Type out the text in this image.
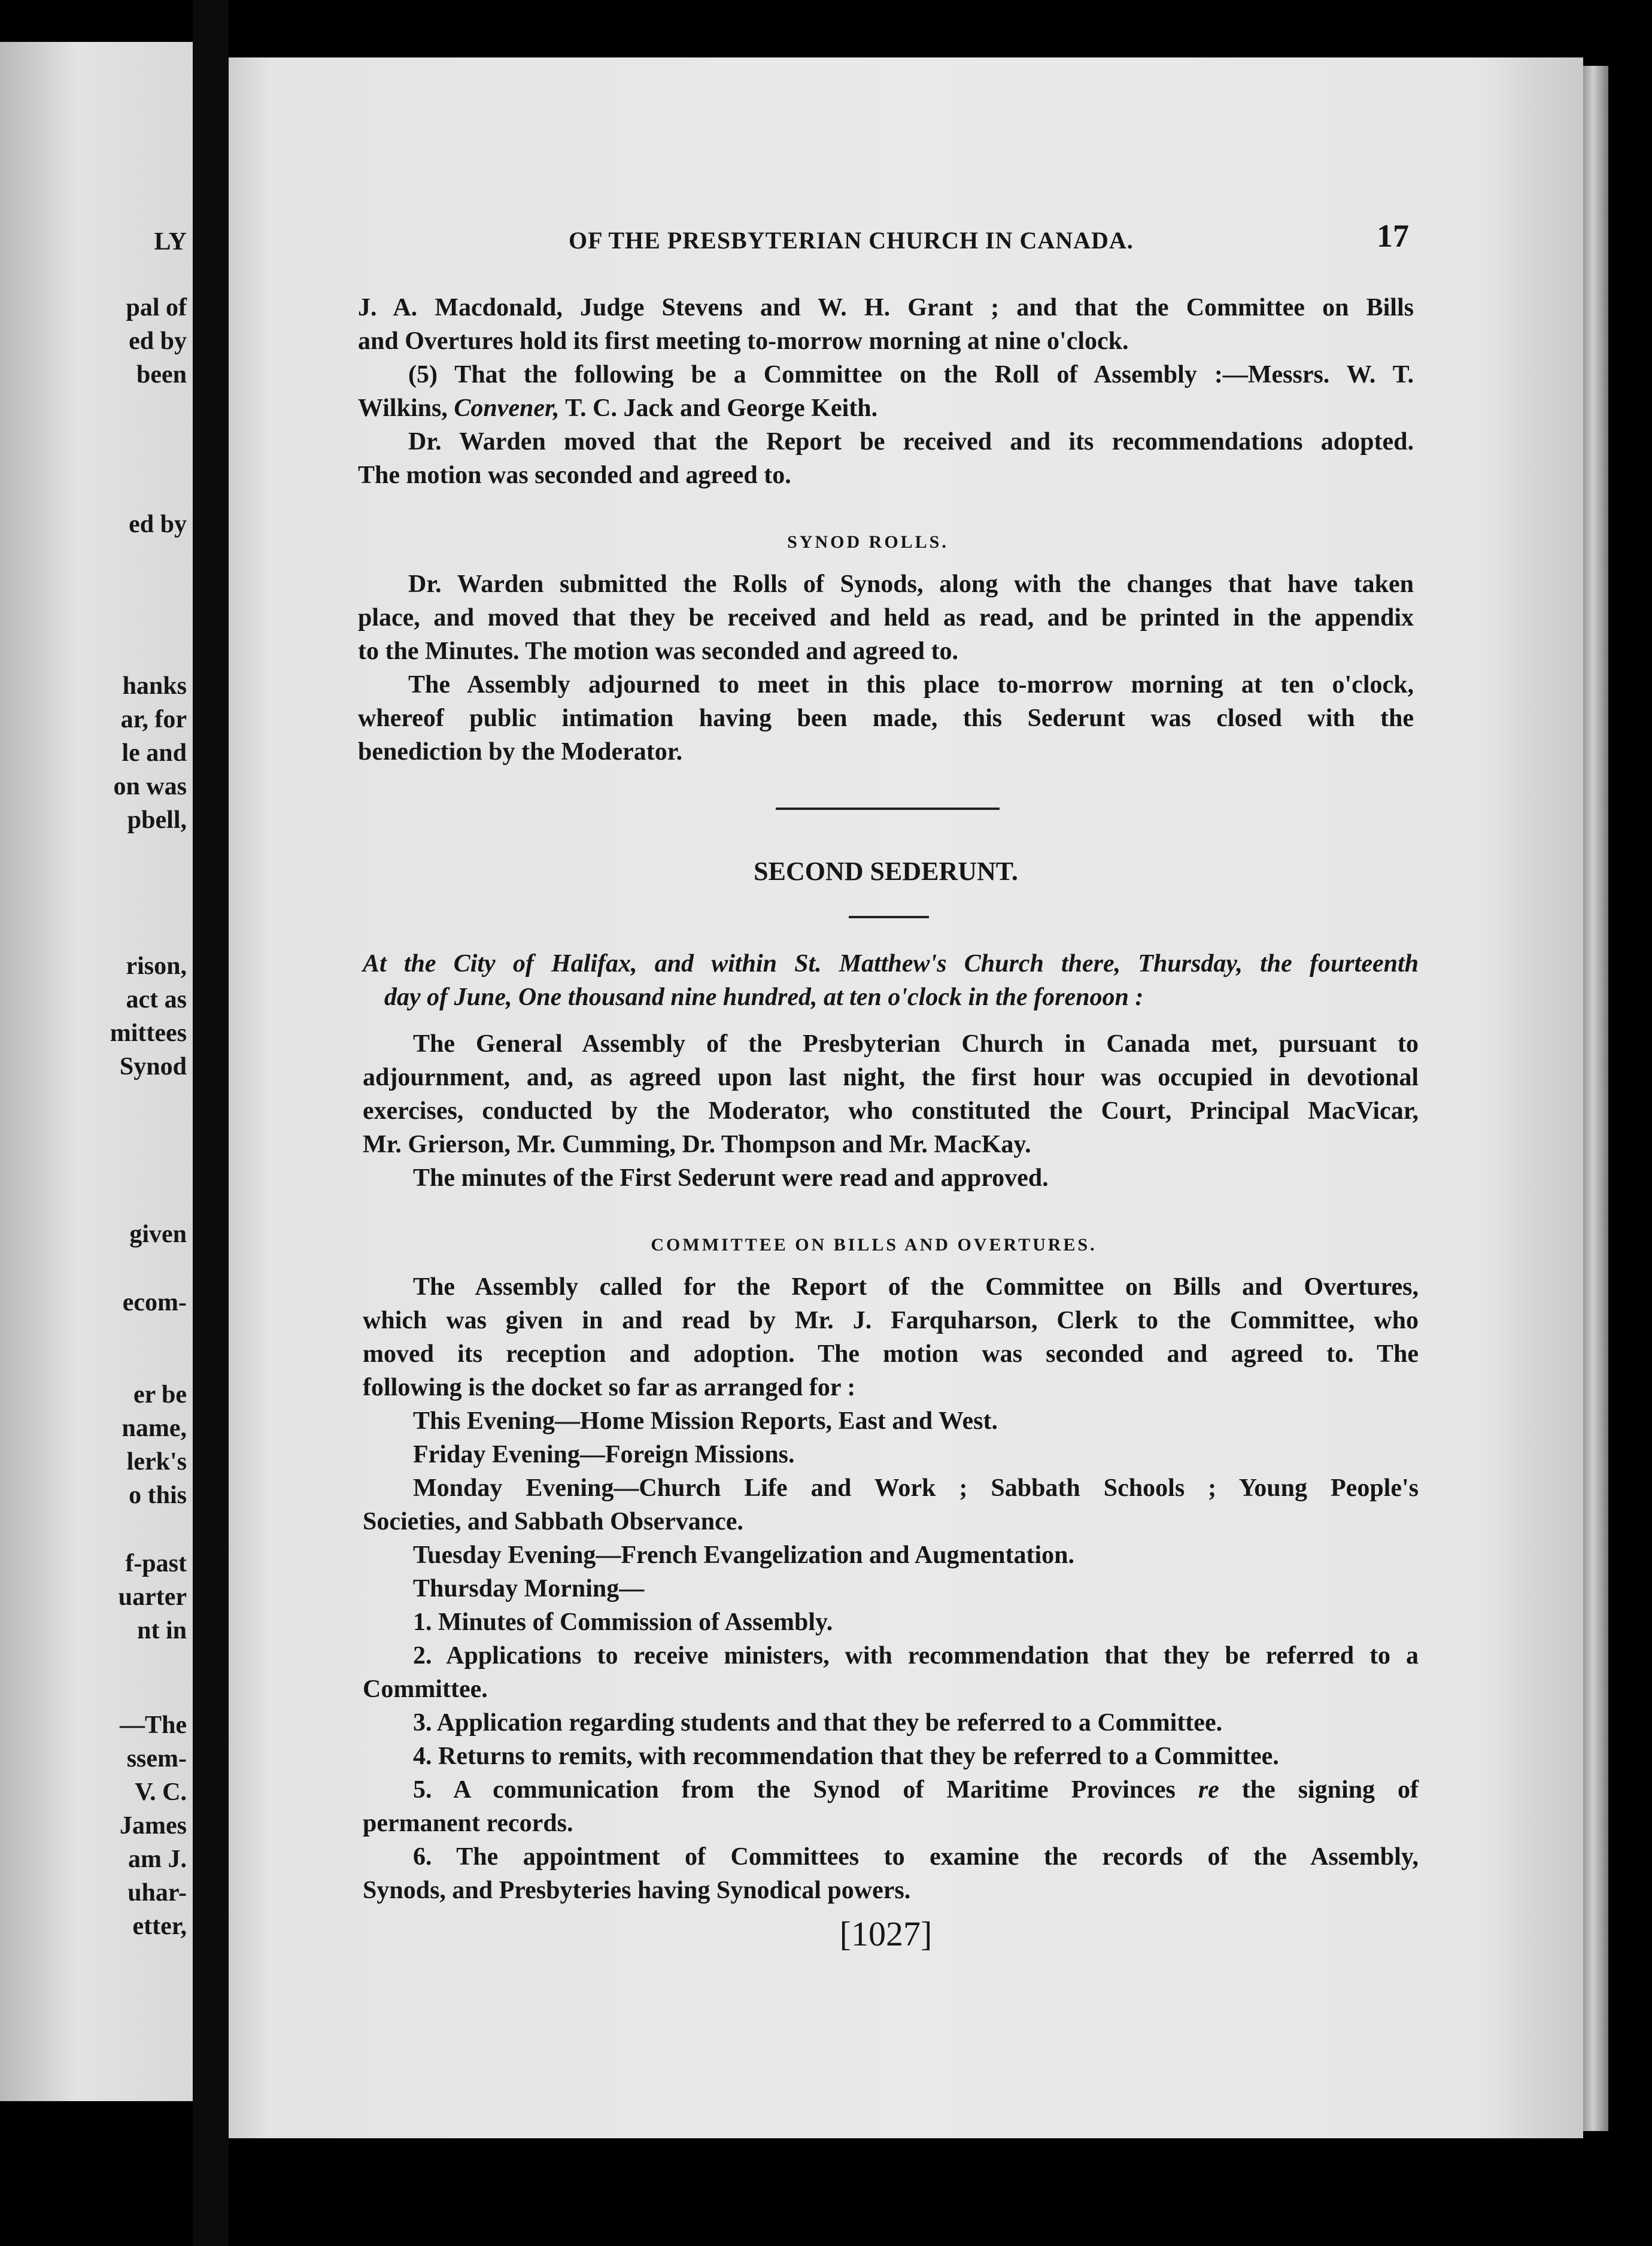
LY
pal of
ed by
been
ed by
hanks
ar, for
le and
on was
pbell,
rison,
act as
mittees
Synod
given
ecom-
er be
name,
lerk's
o this
f-past
uarter
nt in
—The
ssem-
V. C.
James
am J.
uhar-
etter,
OF THE PRESBYTERIAN CHURCH IN CANADA.	17
J. A. Macdonald, Judge Stevens and W. H. Grant ; and that the Committee on Bills
and Overtures hold its first meeting to-morrow morning at nine o'clock.
(5) That the following be a Committee on the Roll of Assembly :—Messrs. W. T.
Wilkins, Convener, T. C. Jack and George Keith.
Dr. Warden moved that the Report be received and its recommendations adopted.
The motion was seconded and agreed to.
SYNOD ROLLS.
Dr. Warden submitted the Rolls of Synods, along with the changes that have taken
place, and moved that they be received and held as read, and be printed in the appendix
to the Minutes. The motion was seconded and agreed to.
The Assembly adjourned to meet in this place to-morrow morning at ten o'clock,
whereof public intimation having been made, this Sederunt was closed with the
benediction by the Moderator.
SECOND SEDERUNT.
At the City of Halifax, and within St. Matthew's Church there, Thursday, the fourteenth
day of June, One thousand nine hundred, at ten o'clock in the forenoon :
The General Assembly of the Presbyterian Church in Canada met, pursuant to
adjournment, and, as agreed upon last night, the first hour was occupied in devotional
exercises, conducted by the Moderator, who constituted the Court, Principal MacVicar,
Mr. Grierson, Mr. Cumming, Dr. Thompson and Mr. MacKay.
The minutes of the First Sederunt were read and approved.
COMMITTEE ON BILLS AND OVERTURES.
The Assembly called for the Report of the Committee on Bills and Overtures,
which was given in and read by Mr. J. Farquharson, Clerk to the Committee, who
moved its reception and adoption. The motion was seconded and agreed to. The
following is the docket so far as arranged for :
This Evening—Home Mission Reports, East and West.
Friday Evening—Foreign Missions.
Monday Evening—Church Life and Work ; Sabbath Schools ; Young People's
Societies, and Sabbath Observance.
Tuesday Evening—French Evangelization and Augmentation.
Thursday Morning—
1. Minutes of Commission of Assembly.
2. Applications to receive ministers, with recommendation that they be referred to a
Committee.
3. Application regarding students and that they be referred to a Committee.
4. Returns to remits, with recommendation that they be referred to a Committee.
5. A communication from the Synod of Maritime Provinces re the signing of
permanent records.
6. The appointment of Committees to examine the records of the Assembly,
Synods, and Presbyteries having Synodical powers.
[1027]
